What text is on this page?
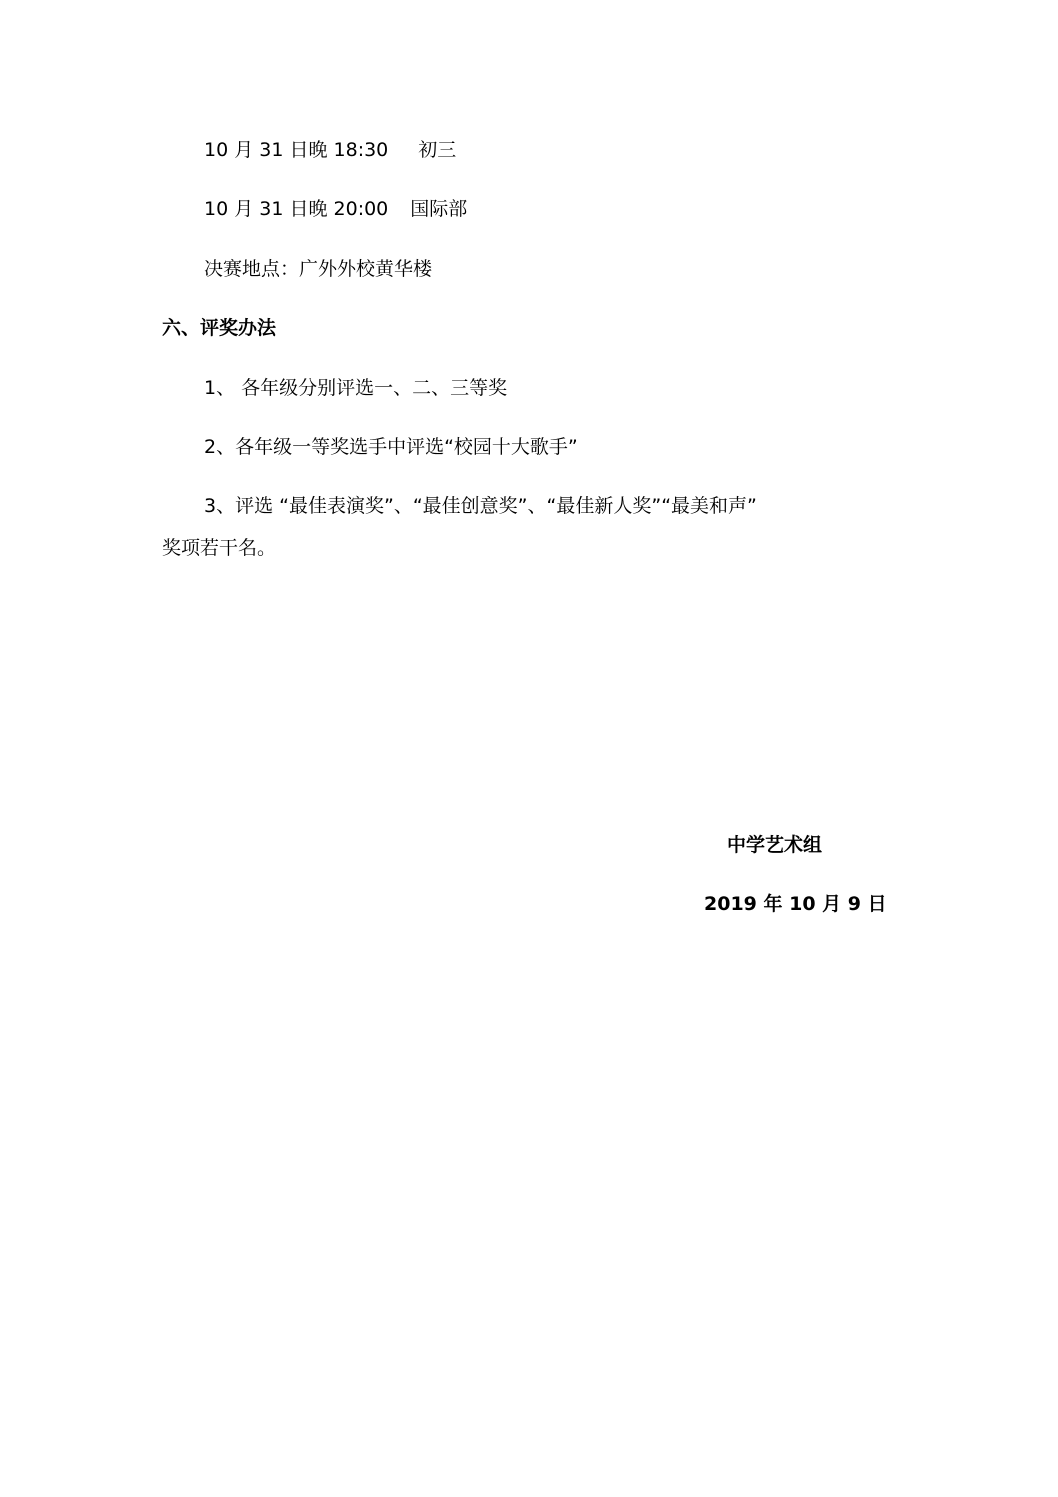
10 月 31 日晚 18:30 初三
10 月 31 日晚 20:00 国际部
决赛地点：广外外校黄华楼
六、评奖办法
1、 各年级分别评选一、二、三等奖
2、各年级一等奖选手中评选“校园十大歌手”
3、评选 “最佳表演奖”、“最佳创意奖”、“最佳新人奖”“最美和声”
奖项若干名。
中学艺术组
2019 年 10 月 9 日
